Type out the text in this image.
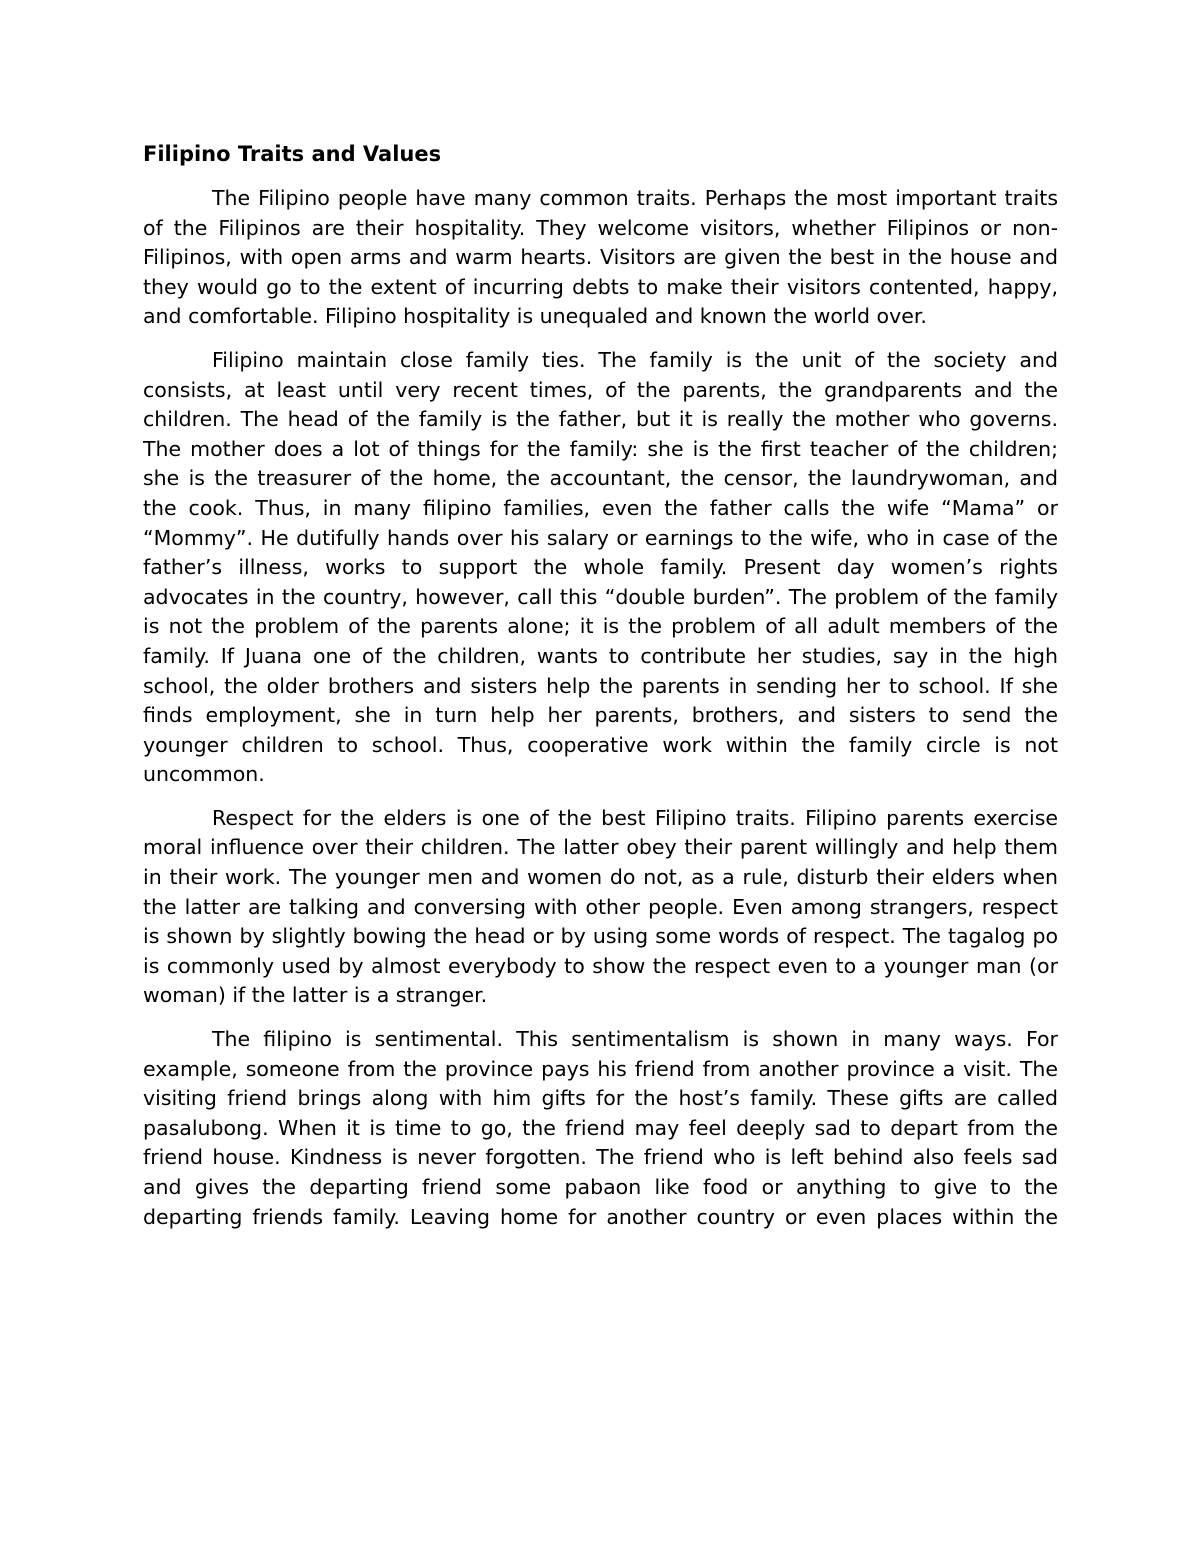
Filipino Traits and Values

The Filipino people have many common traits. Perhaps the most important traits of the Filipinos are their hospitality. They welcome visitors, whether Filipinos or non- Filipinos, with open arms and warm hearts. Visitors are given the best in the house and they would go to the extent of incurring debts to make their visitors contented, happy, and comfortable. Filipino hospitality is unequaled and known the world over.

Filipino maintain close family ties. The family is the unit of the society and consists, at least until very recent times, of the parents, the grandparents and the children. The head of the family is the father, but it is really the mother who governs. The mother does a lot of things for the family: she is the first teacher of the children; she is the treasurer of the home, the accountant, the censor, the laundrywoman, and the cook. Thus, in many filipino families, even the father calls the wife “Mama” or “Mommy”. He dutifully hands over his salary or earnings to the wife, who in case of the father’s illness, works to support the whole family. Present day women’s rights advocates in the country, however, call this “double burden”. The problem of the family is not the problem of the parents alone; it is the problem of all adult members of the family. If Juana one of the children, wants to contribute her studies, say in the high school, the older brothers and sisters help the parents in sending her to school. If she finds employment, she in turn help her parents, brothers, and sisters to send the younger children to school. Thus, cooperative work within the family circle is not uncommon.

Respect for the elders is one of the best Filipino traits. Filipino parents exercise moral influence over their children. The latter obey their parent willingly and help them in their work. The younger men and women do not, as a rule, disturb their elders when the latter are talking and conversing with other people. Even among strangers, respect is shown by slightly bowing the head or by using some words of respect. The tagalog po is commonly used by almost everybody to show the respect even to a younger man (or woman) if the latter is a stranger.

The filipino is sentimental. This sentimentalism is shown in many ways. For example, someone from the province pays his friend from another province a visit. The visiting friend brings along with him gifts for the host’s family. These gifts are called pasalubong. When it is time to go, the friend may feel deeply sad to depart from the friend house. Kindness is never forgotten. The friend who is left behind also feels sad and gives the departing friend some pabaon like food or anything to give to the departing friends family. Leaving home for another country or even places within the
